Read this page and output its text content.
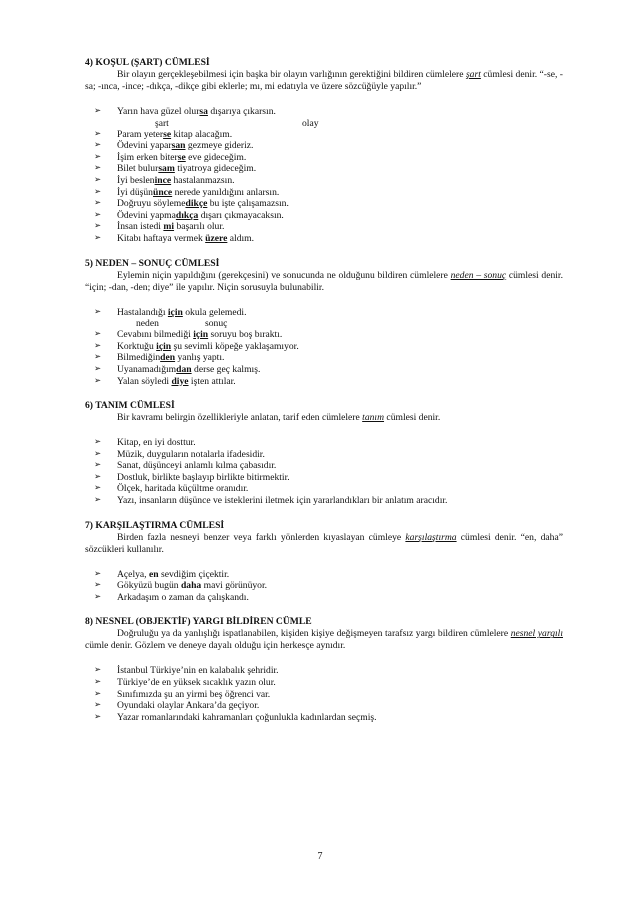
4) KOŞUL (ŞART) CÜMLESİ

Bir olayın gerçekleşebilmesi için başka bir olayın varlığının gerektiğini bildiren cümlelere şart cümlesi denir. “-se, -sa; -ınca, -ince; -dıkça, -dikçe gibi eklerle; mı, mi edatıyla ve üzere sözcüğüyle yapılır.”

➢ Yarın hava güzel olursa dışarıya çıkarsın.
şart	olay
➢ Param yeterse kitap alacağım.
➢ Ödevini yaparsan gezmeye gideriz.
➢ İşim erken biterse eve gideceğim.
➢ Bilet bulursam tiyatroya gideceğim.
➢ İyi beslenince hastalanmazsın.
➢ İyi düşününce nerede yanıldığını anlarsın.
➢ Doğruyu söylemedikçe bu işte çalışamazsın.
➢ Ödevini yapmadıkça dışarı çıkmayacaksın.
➢ İnsan istedi mi başarılı olur.
➢ Kitabı haftaya vermek üzere aldım.
5) NEDEN – SONUÇ CÜMLESİ

Eylemin niçin yapıldığını (gerekçesini) ve sonucunda ne olduğunu bildiren cümlelere neden – sonuç cümlesi denir. “için; -dan, -den; diye” ile yapılır. Niçin sorusuyla bulunabilir.

➢ Hastalandığı için okula gelemedi.
neden	sonuç
➢ Cevabını bilmediği için soruyu boş bıraktı.
➢ Korktuğu için şu sevimli köpeğe yaklaşamıyor.
➢ Bilmediğinden yanlış yaptı.
➢ Uyanamadığımdan derse geç kalmış.
➢ Yalan söyledi diye işten attılar.
6) TANIM CÜMLESİ

Bir kavramı belirgin özellikleriyle anlatan, tarif eden cümlelere tanım cümlesi denir.

➢ Kitap, en iyi dosttur.
➢ Müzik, duyguların notalarla ifadesidir.
➢ Sanat, düşünceyi anlamlı kılma çabasıdır.
➢ Dostluk, birlikte başlayıp birlikte bitirmektir.
➢ Ölçek, haritada küçültme oranıdır.
➢ Yazı, insanların düşünce ve isteklerini iletmek için yararlandıkları bir anlatım aracıdır.
7) KARŞILAŞTIRMA CÜMLESİ

Birden fazla nesneyi benzer veya farklı yönlerden kıyaslayan cümleye karşılaştırma cümlesi denir. “en, daha” sözcükleri kullanılır.

➢ Açelya, en sevdiğim çiçektir.
➢ Gökyüzü bugün daha mavi görünüyor.
➢ Arkadaşım o zaman da çalışkandı.
8) NESNEL (OBJEKTİF) YARGI BİLDİREN CÜMLE

Doğruluğu ya da yanlışlığı ispatlanabilen, kişiden kişiye değişmeyen tarafsız yargı bildiren cümlelere nesnel yargılı cümle denir. Gözlem ve deneye dayalı olduğu için herkesçe aynıdır.

➢ İstanbul Türkiye’nin en kalabalık şehridir.
➢ Türkiye’de en yüksek sıcaklık yazın olur.
➢ Sınıfımızda şu an yirmi beş öğrenci var.
➢ Oyundaki olaylar Ankara’da geçiyor.
➢ Yazar romanlarındaki kahramanları çoğunlukla kadınlardan seçmiş.
7
